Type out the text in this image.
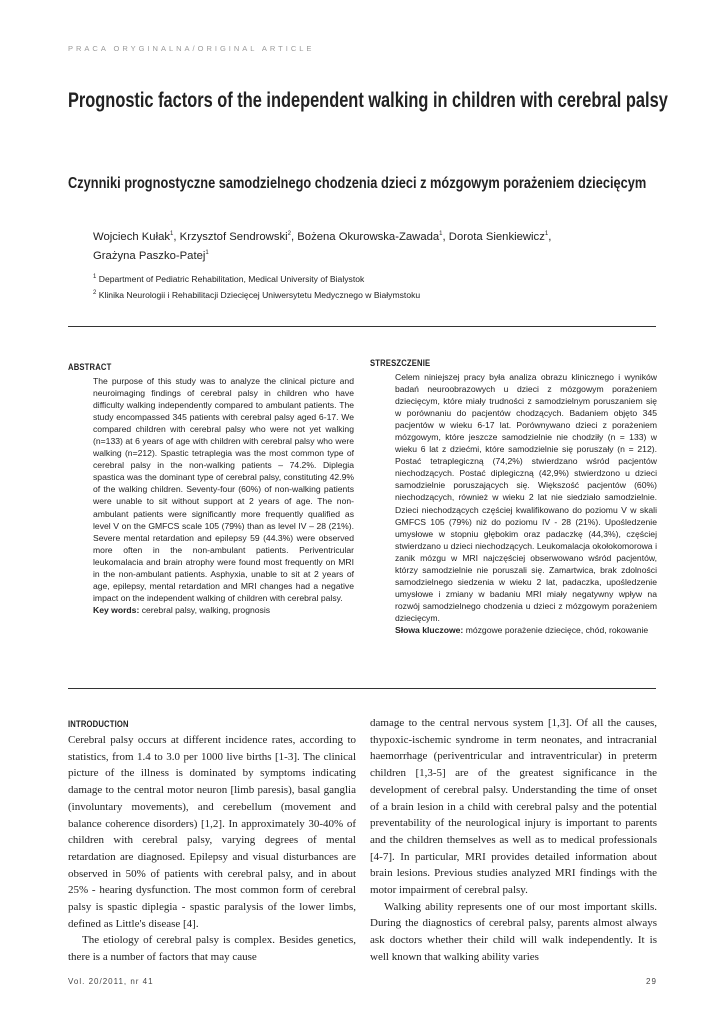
PRACA ORYGINALNA/ORIGINAL ARTICLE
Prognostic factors of the independent walking in children with cerebral palsy
Czynniki prognostyczne samodzielnego chodzenia dzieci z mózgowym porażeniem dziecięcym
Wojciech Kułak$^1$, Krzysztof Sendrowski$^2$, Bożena Okurowska-Zawada$^1$, Dorota Sienkiewicz$^1$,
Grażyna Paszko-Patej$^1$
$^1$ Department of Pediatric Rehabilitation, Medical University of Bialystok
$^2$ Klinika Neurologii i Rehabilitacji Dziecięcej Uniwersytetu Medycznego w Białymstoku
ABSTRACT
The purpose of this study was to analyze the clinical picture and neuroimaging findings of cerebral palsy in children who have difficulty walking independently compared to ambulant patients. The study encompassed 345 patients with cerebral palsy aged 6-17. We compared children with cerebral palsy who were not yet walking (n=133) at 6 years of age with children with cerebral palsy who were walking (n=212). Spastic tetraplegia was the most common type of cerebral palsy in the non-walking patients – 74.2%. Diplegia spastica was the dominant type of cerebral palsy, constituting 42.9% of the walking children. Seventy-four (60%) of non-walking patients were unable to sit without support at 2 years of age. The non-ambulant patients were significantly more frequently qualified as level V on the GMFCS scale 105 (79%) than as level IV – 28 (21%). Severe mental retardation and epilepsy 59 (44.3%) were observed more often in the non-ambulant patients. Periventricular leukomalacia and brain atrophy were found most frequently on MRI in the non-ambulant patients. Asphyxia, unable to sit at 2 years of age, epilepsy, mental retardation and MRI changes had a negative impact on the independent walking of children with cerebral palsy.
Key words: cerebral palsy, walking, prognosis
STRESZCZENIE
Celem niniejszej pracy była analiza obrazu klinicznego i wyników badań neuroobrazowych u dzieci z mózgowym porażeniem dziecięcym, które miały trudności z samodzielnym poruszaniem się w porównaniu do pacjentów chodzących. Badaniem objęto 345 pacjentów w wieku 6-17 lat. Porównywano dzieci z porażeniem mózgowym, które jeszcze samodzielnie nie chodziły (n = 133) w wieku 6 lat z dziećmi, które samodzielnie się poruszały (n = 212). Postać tetraplegiczną (74,2%) stwierdzano wśród pacjentów niechodzących. Postać diplegiczną (42,9%) stwierdzono u dzieci samodzielnie poruszających się. Większość pacjentów (60%) niechodzących, również w wieku 2 lat nie siedziało samodzielnie. Dzieci niechodzących częściej kwalifikowano do poziomu V w skali GMFCS 105 (79%) niż do poziomu IV - 28 (21%). Upośledzenie umysłowe w stopniu głębokim oraz padaczkę (44,3%), częściej stwierdzano u dzieci niechodzących. Leukomalacja okołokomorowa i zanik mózgu w MRI najczęściej obserwowano wśród pacjentów, którzy samodzielnie nie poruszali się. Zamartwica, brak zdolności samodzielnego siedzenia w wieku 2 lat, padaczka, upośledzenie umysłowe i zmiany w badaniu MRI miały negatywny wpływ na rozwój samodzielnego chodzenia u dzieci z mózgowym porażeniem dziecięcym.
Słowa kluczowe: mózgowe porażenie dziecięce, chód, rokowanie
INTRODUCTION

Cerebral palsy occurs at different incidence rates, according to statistics, from 1.4 to 3.0 per 1000 live births [1-3]. The clinical picture of the illness is dominated by symptoms indicating damage to the central motor neuron [limb paresis), basal ganglia (involuntary movements), and cerebellum (movement and balance coherence disorders) [1,2]. In approximately 30-40% of children with cerebral palsy, varying degrees of mental retardation are diagnosed. Epilepsy and visual disturbances are observed in 50% of patients with cerebral palsy, and in about 25% - hearing dysfunction. The most common form of cerebral palsy is spastic diplegia - spastic paralysis of the lower limbs, defined as Little's disease [4].

The etiology of cerebral palsy is complex. Besides genetics, there is a number of factors that may cause

damage to the central nervous system [1,3]. Of all the causes, thypoxic-ischemic syndrome in term neonates, and intracranial haemorrhage (periventricular and intraventricular) in preterm children [1,3-5] are of the greatest significance in the development of cerebral palsy. Understanding the time of onset of a brain lesion in a child with cerebral palsy and the potential preventability of the neurological injury is important to parents and the children themselves as well as to medical professionals [4-7]. In particular, MRI provides detailed information about brain lesions. Previous studies analyzed MRI findings with the motor impairment of cerebral palsy.

Walking ability represents one of our most important skills. During the diagnostics of cerebral palsy, parents almost always ask doctors whether their child will walk independently. It is well known that walking ability varies

Vol. 20/2011, nr 41	29
